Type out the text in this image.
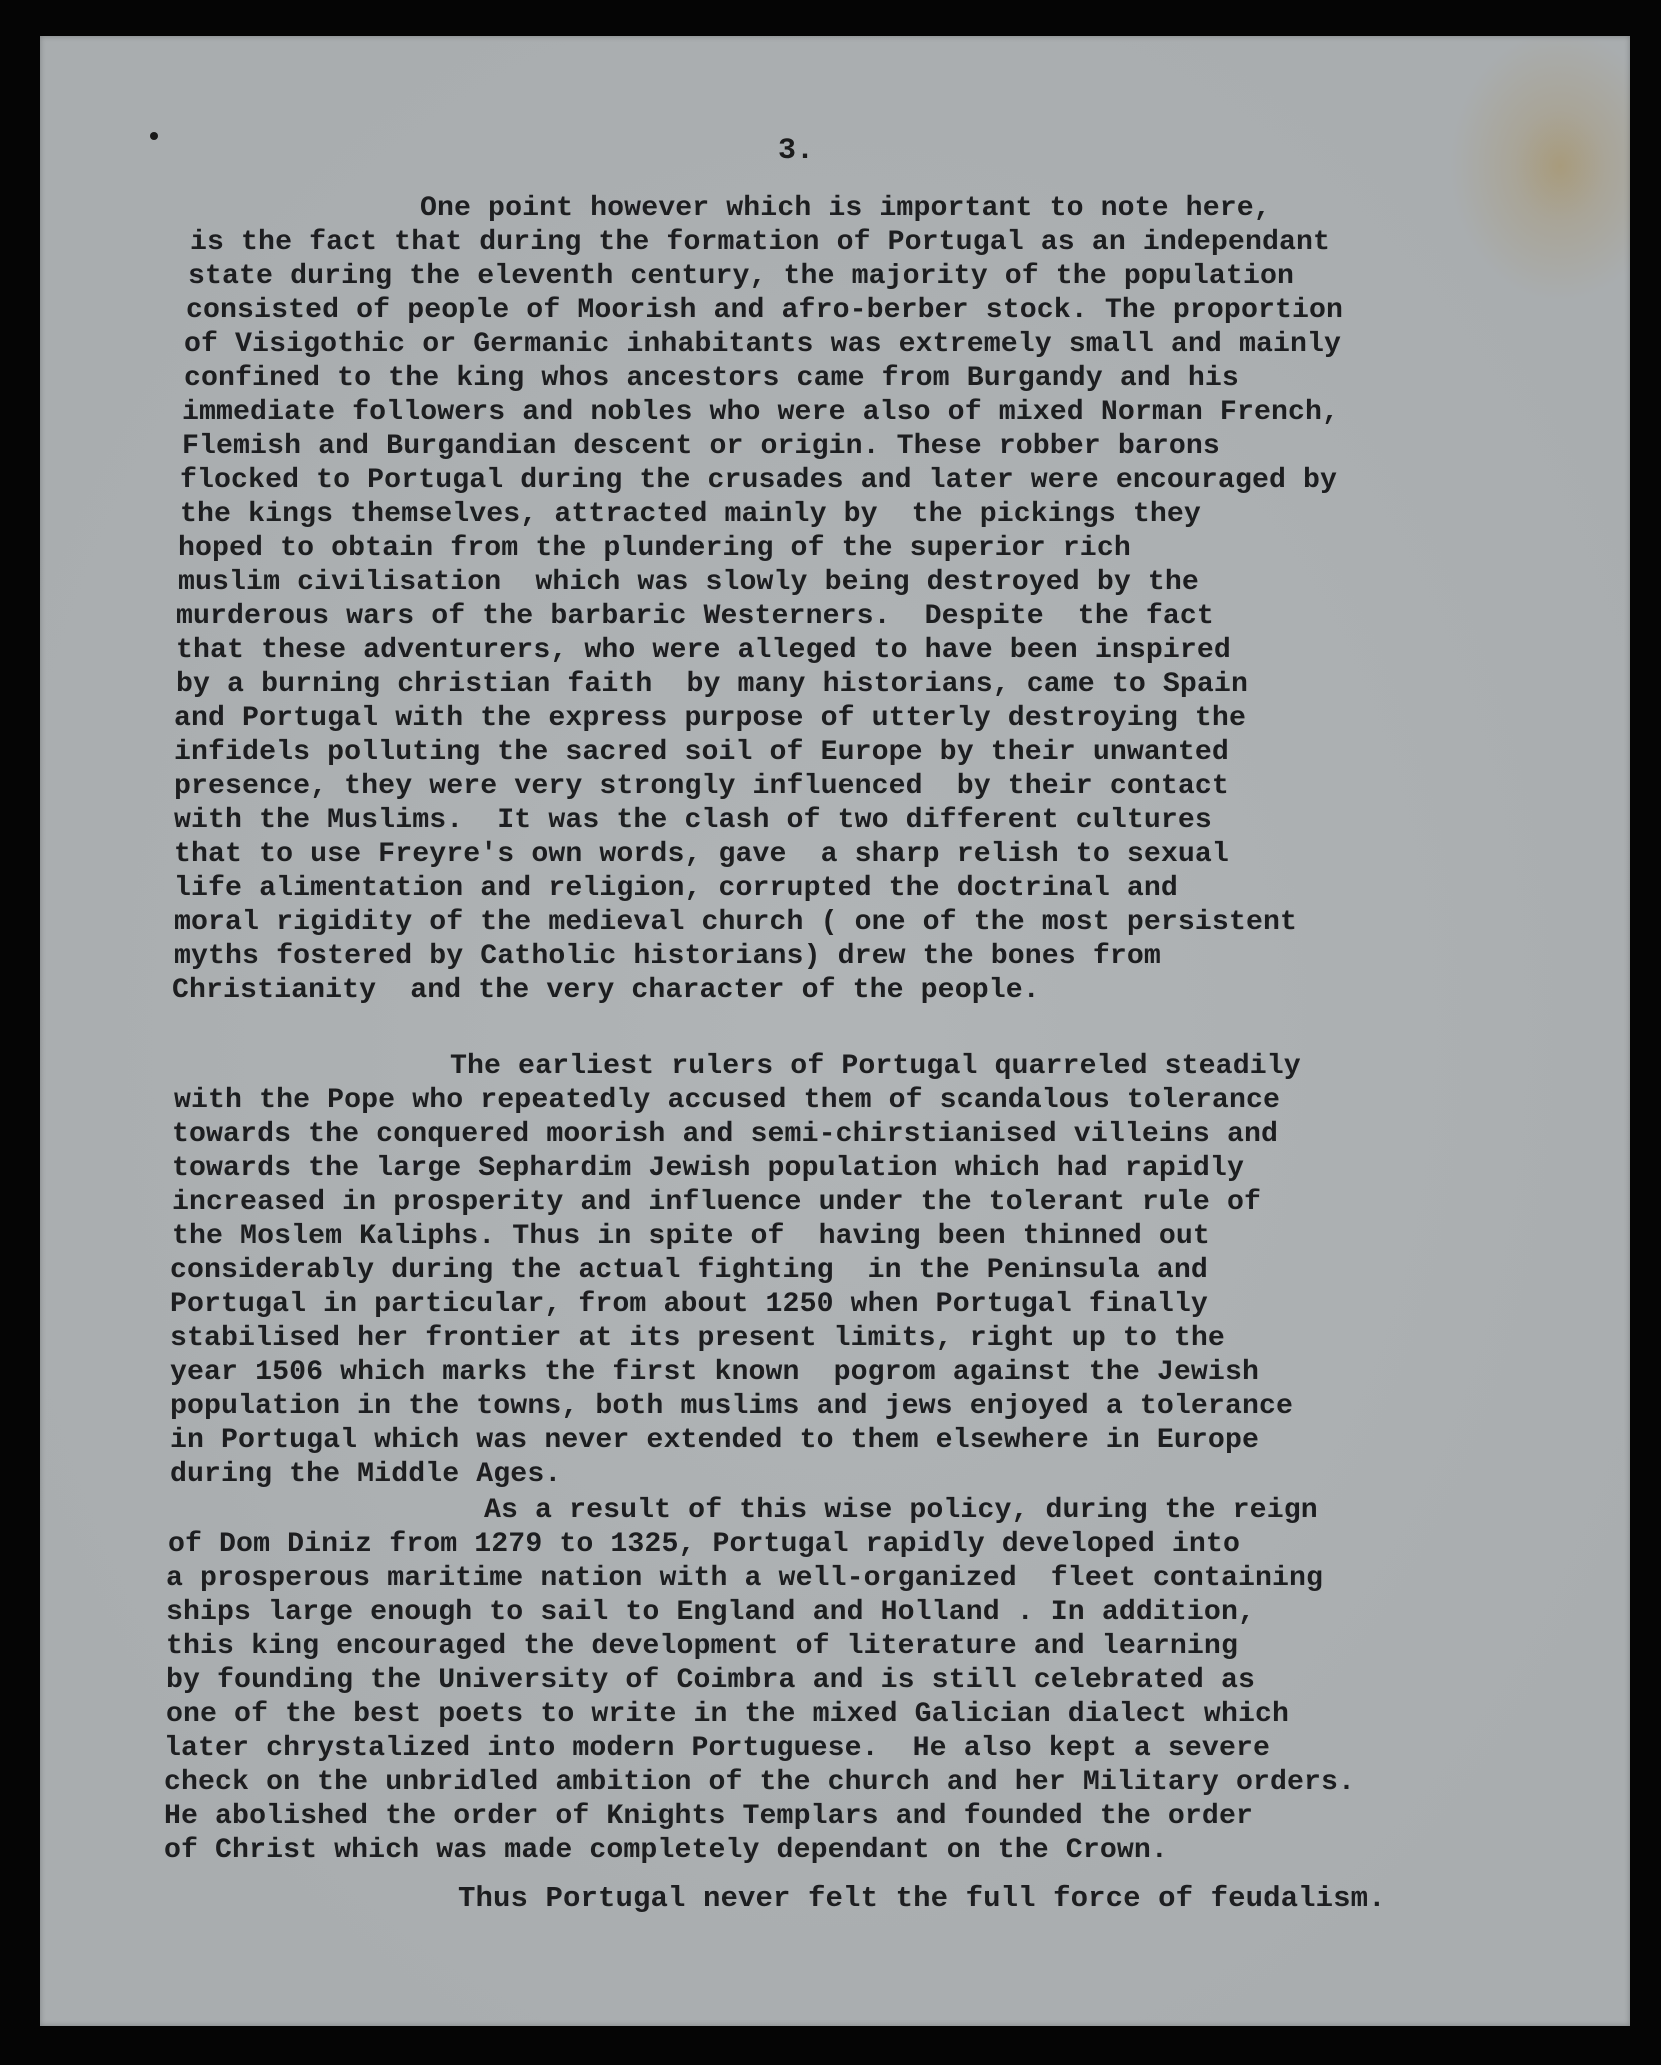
3.
One point however which is important to note here,
is the fact that during the formation of Portugal as an independant
state during the eleventh century, the majority of the population
consisted of people of Moorish and afro-berber stock. The proportion
of Visigothic or Germanic inhabitants was extremely small and mainly
confined to the king whos ancestors came from Burgandy and his
immediate followers and nobles who were also of mixed Norman French,
Flemish and Burgandian descent or origin. These robber barons
flocked to Portugal during the crusades and later were encouraged by
the kings themselves, attracted mainly by  the pickings they
hoped to obtain from the plundering of the superior rich
muslim civilisation  which was slowly being destroyed by the
murderous wars of the barbaric Westerners.  Despite  the fact
that these adventurers, who were alleged to have been inspired
by a burning christian faith  by many historians, came to Spain
and Portugal with the express purpose of utterly destroying the
infidels polluting the sacred soil of Europe by their unwanted
presence, they were very strongly influenced  by their contact
with the Muslims.  It was the clash of two different cultures
that to use Freyre's own words, gave  a sharp relish to sexual
life alimentation and religion, corrupted the doctrinal and
moral rigidity of the medieval church ( one of the most persistent
myths fostered by Catholic historians) drew the bones from
Christianity  and the very character of the people.
The earliest rulers of Portugal quarreled steadily
with the Pope who repeatedly accused them of scandalous tolerance
towards the conquered moorish and semi-chirstianised villeins and
towards the large Sephardim Jewish population which had rapidly
increased in prosperity and influence under the tolerant rule of
the Moslem Kaliphs. Thus in spite of  having been thinned out
considerably during the actual fighting  in the Peninsula and
Portugal in particular, from about 1250 when Portugal finally
stabilised her frontier at its present limits, right up to the
year 1506 which marks the first known  pogrom against the Jewish
population in the towns, both muslims and jews enjoyed a tolerance
in Portugal which was never extended to them elsewhere in Europe
during the Middle Ages.
As a result of this wise policy, during the reign
of Dom Diniz from 1279 to 1325, Portugal rapidly developed into
a prosperous maritime nation with a well-organized  fleet containing
ships large enough to sail to England and Holland . In addition,
this king encouraged the development of literature and learning
by founding the University of Coimbra and is still celebrated as
one of the best poets to write in the mixed Galician dialect which
later chrystalized into modern Portuguese.  He also kept a severe
check on the unbridled ambition of the church and her Military orders.
He abolished the order of Knights Templars and founded the order
of Christ which was made completely dependant on the Crown.
Thus Portugal never felt the full force of feudalism.
